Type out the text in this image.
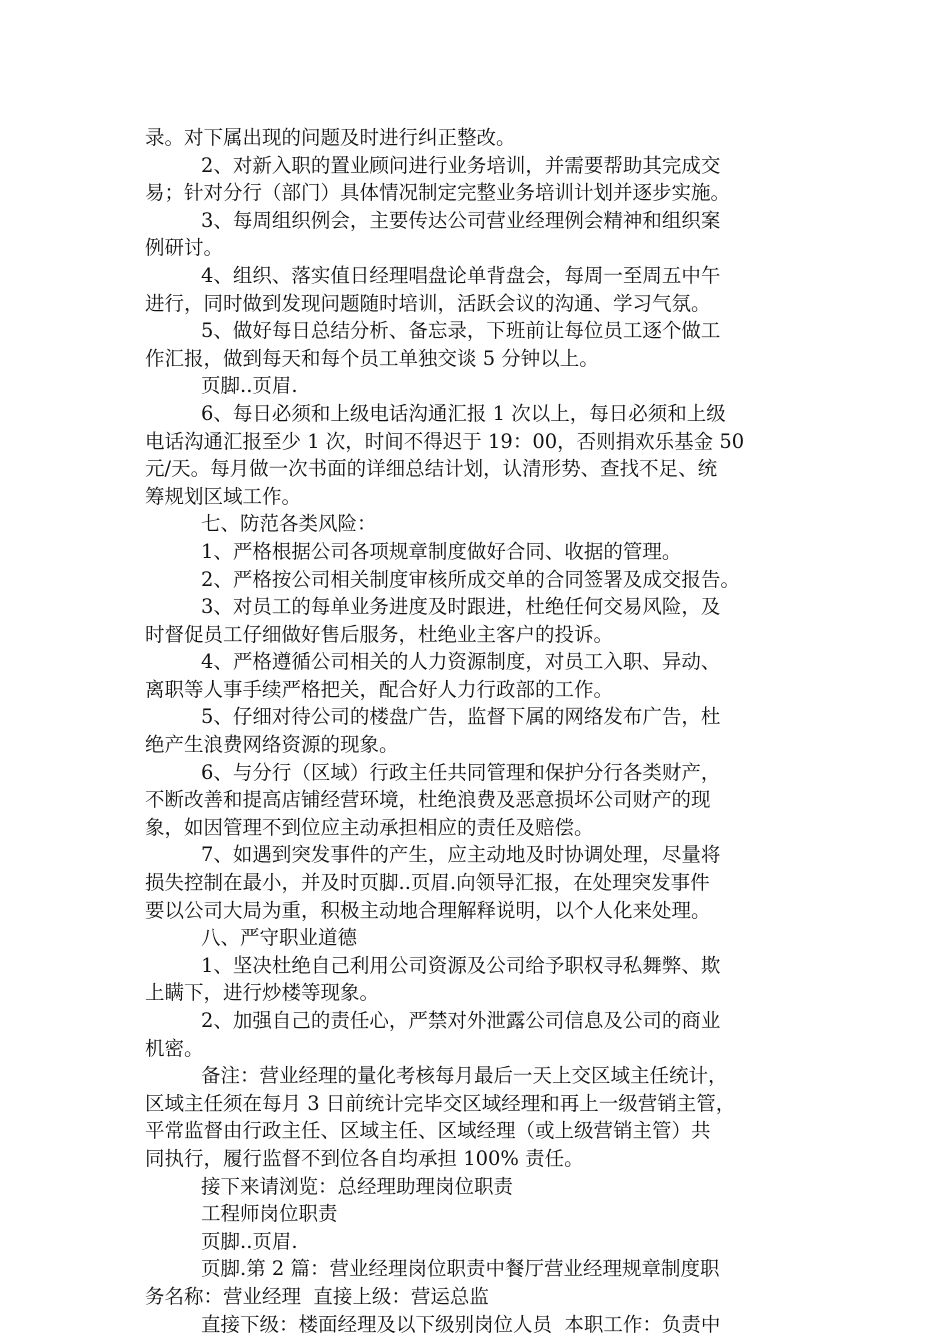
录。对下属出现的问题及时进行纠正整改。
2、对新入职的置业顾问进行业务培训，并需要帮助其完成交
易；针对分行（部门）具体情况制定完整业务培训计划并逐步实施。
3、每周组织例会，主要传达公司营业经理例会精神和组织案
例研讨。
4、组织、落实值日经理唱盘论单背盘会，每周一至周五中午
进行，同时做到发现问题随时培训，活跃会议的沟通、学习气氛。
5、做好每日总结分析、备忘录，下班前让每位员工逐个做工
作汇报，做到每天和每个员工单独交谈 5 分钟以上。
页脚..页眉.
6、每日必须和上级电话沟通汇报 1 次以上，每日必须和上级
电话沟通汇报至少 1 次，时间不得迟于 19：00，否则捐欢乐基金 50
元/天。每月做一次书面的详细总结计划，认清形势、查找不足、统
筹规划区域工作。
七、防范各类风险：
1、严格根据公司各项规章制度做好合同、收据的管理。
2、严格按公司相关制度审核所成交单的合同签署及成交报告。
3、对员工的每单业务进度及时跟进，杜绝任何交易风险，及
时督促员工仔细做好售后服务，杜绝业主客户的投诉。
4、严格遵循公司相关的人力资源制度，对员工入职、异动、
离职等人事手续严格把关，配合好人力行政部的工作。
5、仔细对待公司的楼盘广告，监督下属的网络发布广告，杜
绝产生浪费网络资源的现象。
6、与分行（区域）行政主任共同管理和保护分行各类财产，
不断改善和提高店铺经营环境，杜绝浪费及恶意损坏公司财产的现
象，如因管理不到位应主动承担相应的责任及赔偿。
7、如遇到突发事件的产生，应主动地及时协调处理，尽量将
损失控制在最小，并及时页脚..页眉.向领导汇报，在处理突发事件
要以公司大局为重，积极主动地合理解释说明，以个人化来处理。
八、严守职业道德
1、坚决杜绝自己利用公司资源及公司给予职权寻私舞弊、欺
上瞒下，进行炒楼等现象。
2、加强自己的责任心，严禁对外泄露公司信息及公司的商业
机密。
备注：营业经理的量化考核每月最后一天上交区域主任统计，
区域主任须在每月 3 日前统计完毕交区域经理和再上一级营销主管，
平常监督由行政主任、区域主任、区域经理（或上级营销主管）共
同执行，履行监督不到位各自均承担 100% 责任。
接下来请浏览：总经理助理岗位职责
工程师岗位职责
页脚..页眉.
页脚.第 2 篇：营业经理岗位职责中餐厅营业经理规章制度职
务名称：营业经理  直接上级：营运总监
直接下级：楼面经理及以下级别岗位人员  本职工作：负责中
